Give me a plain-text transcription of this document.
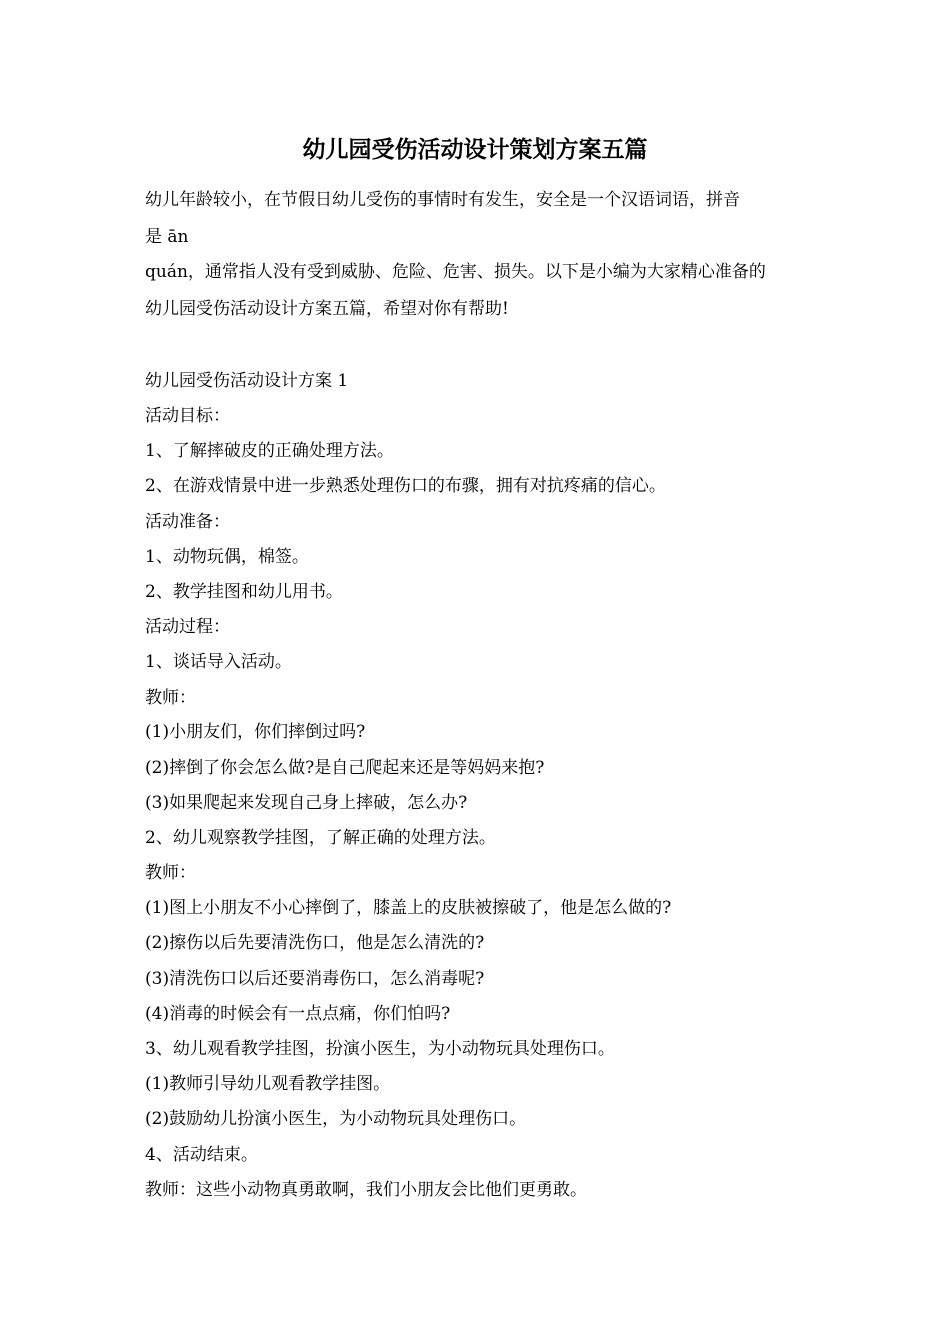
幼儿园受伤活动设计策划方案五篇

幼儿年龄较小，在节假日幼儿受伤的事情时有发生，安全是一个汉语词语，拼音

是 ān

quán，通常指人没有受到威胁、危险、危害、损失。以下是小编为大家精心准备的

幼儿园受伤活动设计方案五篇，希望对你有帮助!

幼儿园受伤活动设计方案 1

活动目标：

1、了解摔破皮的正确处理方法。

2、在游戏情景中进一步熟悉处理伤口的布骤，拥有对抗疼痛的信心。

活动准备：

1、动物玩偶，棉签。

2、教学挂图和幼儿用书。

活动过程：

1、谈话导入活动。

教师：

(1)小朋友们，你们摔倒过吗?

(2)摔倒了你会怎么做?是自己爬起来还是等妈妈来抱?

(3)如果爬起来发现自己身上摔破，怎么办?

2、幼儿观察教学挂图，了解正确的处理方法。

教师：

(1)图上小朋友不小心摔倒了，膝盖上的皮肤被擦破了，他是怎么做的?

(2)擦伤以后先要清洗伤口，他是怎么清洗的?

(3)清洗伤口以后还要消毒伤口，怎么消毒呢?

(4)消毒的时候会有一点点痛，你们怕吗?

3、幼儿观看教学挂图，扮演小医生，为小动物玩具处理伤口。

(1)教师引导幼儿观看教学挂图。

(2)鼓励幼儿扮演小医生，为小动物玩具处理伤口。

4、活动结束。

教师：这些小动物真勇敢啊，我们小朋友会比他们更勇敢。
